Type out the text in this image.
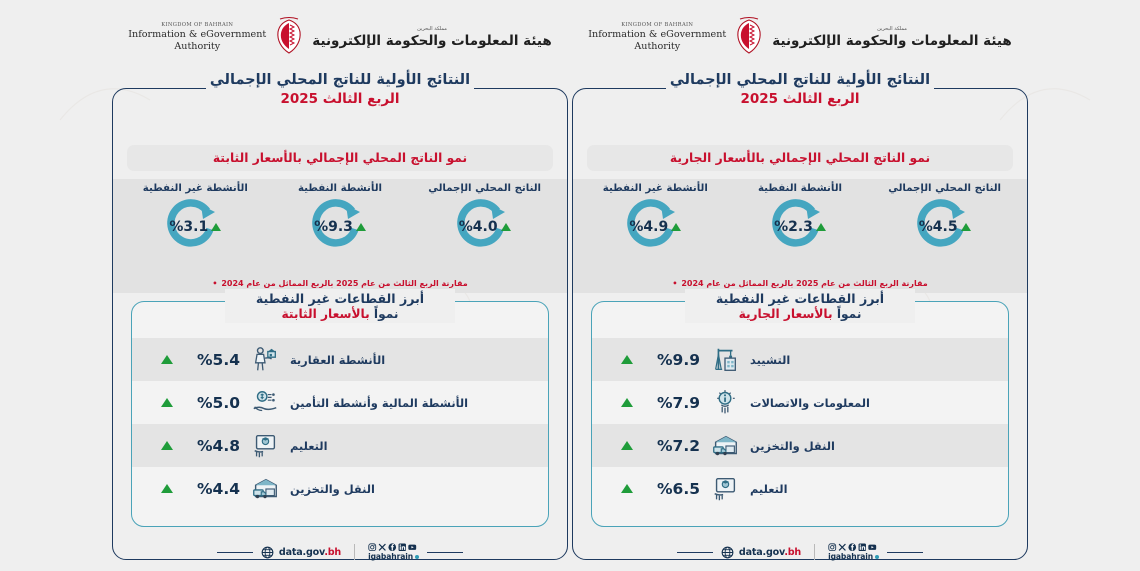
KINGDOM OF BAHRAIN
Information & eGovernment
Authority
مملكة البحرين
هيئة المعلومات والحكومة الإلكترونية
KINGDOM OF BAHRAIN
Information & eGovernment
Authority
مملكة البحرين
هيئة المعلومات والحكومة الإلكترونية
النتائج الأولية للناتج المحلي الإجمالي
الربع الثالث 2025
نمو الناتج المحلي الإجمالي بالأسعار الثابتة
الناتج المحلي الإجمالي
%4.0
الأنشطة النفطية
%9.3
الأنشطة غير النفطية
%3.1
مقارنة الربع الثالث من عام 2025 بالربع المماثل من عام 2024
•
الأنشطة العقارية
%5.4
الأنشطة المالية وأنشطة التأمين
%5.0
التعليم
%4.8
النقل والتخزين
%4.4
أبرز القطاعات غير النفطية
نمواً بالأسعار الثابتة
النتائج الأولية للناتج المحلي الإجمالي
الربع الثالث 2025
نمو الناتج المحلي الإجمالي بالأسعار الجارية
الناتج المحلي الإجمالي
%4.5
الأنشطة النفطية
%2.3
الأنشطة غير النفطية
%4.9
مقارنة الربع الثالث من عام 2025 بالربع المماثل من عام 2024
•
التشييد
%9.9
المعلومات والاتصالات
%7.9
النقل والتخزين
%7.2
التعليم
%6.5
أبرز القطاعات غير النفطية
نمواً بالأسعار الجارية
data.gov.bh	igabahrain	data.gov.bh	igabahrain
